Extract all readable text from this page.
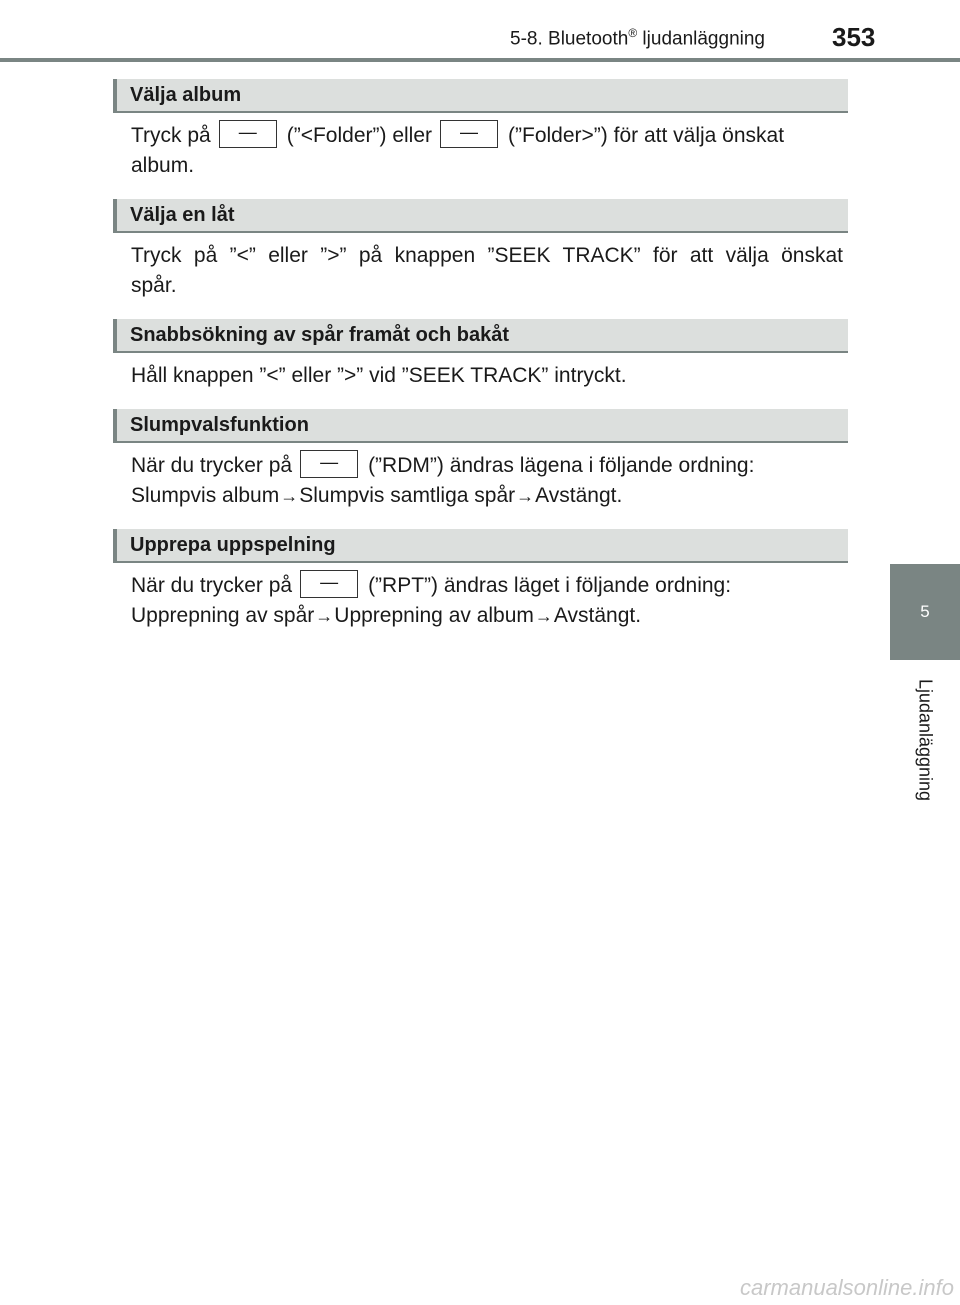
5-8. Bluetooth® ljudanläggning	353
5
Ljudanläggning
Välja album
Tryck på	—	(”<Folder”) eller	—	(”Folder>”) för att välja önskat
album.
Välja en låt
Tryck på ”<” eller ”>” på knappen ”SEEK TRACK” för att välja önskat
spår.
Snabbsökning av spår framåt och bakåt
Håll knappen ”<” eller ”>” vid ”SEEK TRACK” intryckt.
Slumpvalsfunktion
När du trycker på — (”RDM”) ändras lägena i följande ordning:
Slumpvis album→Slumpvis samtliga spår→Avstängt.
Upprepa uppspelning
När du trycker på — (”RPT”) ändras läget i följande ordning:
Upprepning av spår→Upprepning av album→Avstängt.
carmanualsonline.info
